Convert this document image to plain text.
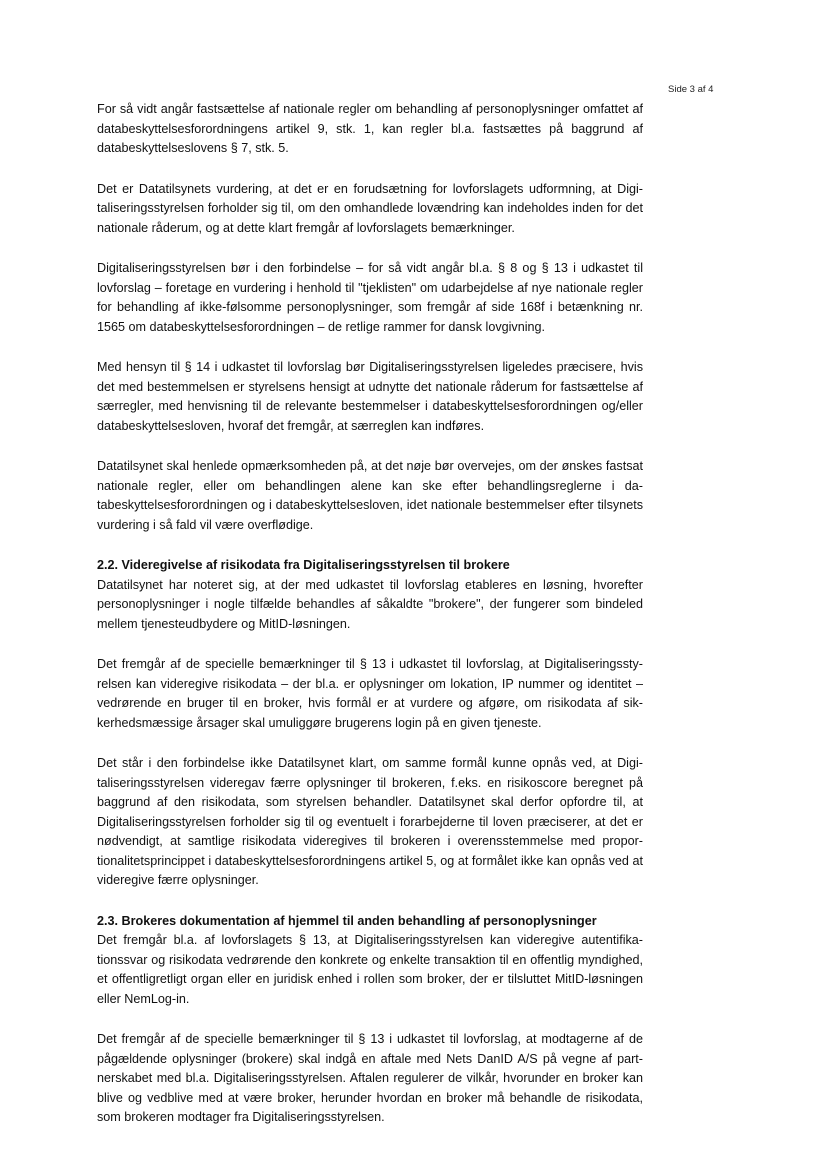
Side 3 af 4

For så vidt angår fastsættelse af nationale regler om behandling af personoplysninger omfattet af databeskyttelsesforordningens artikel 9, stk. 1, kan regler bl.a. fastsættes på baggrund af databeskyttelseslovens § 7, stk. 5.

Det er Datatilsynets vurdering, at det er en forudsætning for lovforslagets udformning, at Digitaliseringsstyrelsen forholder sig til, om den omhandlede lovændring kan indeholdes inden for det nationale råderum, og at dette klart fremgår af lovforslagets bemærkninger.

Digitaliseringsstyrelsen bør i den forbindelse – for så vidt angår bl.a. § 8 og § 13 i udkastet til lovforslag – foretage en vurdering i henhold til "tjeklisten" om udarbejdelse af nye nationale regler for behandling af ikke-følsomme personoplysninger, som fremgår af side 168f i betænkning nr. 1565 om databeskyttelsesforordningen – de retlige rammer for dansk lovgivning.

Med hensyn til § 14 i udkastet til lovforslag bør Digitaliseringsstyrelsen ligeledes præcisere, hvis det med bestemmelsen er styrelsens hensigt at udnytte det nationale råderum for fastsættelse af særregler, med henvisning til de relevante bestemmelser i databeskyttelsesforordningen og/eller databeskyttelsesloven, hvoraf det fremgår, at særreglen kan indføres.

Datatilsynet skal henlede opmærksomheden på, at det nøje bør overvejes, om der ønskes fastsat nationale regler, eller om behandlingen alene kan ske efter behandlingsreglerne i databeskyttelsesforordningen og i databeskyttelsesloven, idet nationale bestemmelser efter tilsynets vurdering i så fald vil være overflødige.

2.2. Videregivelse af risikodata fra Digitaliseringsstyrelsen til brokere

Datatilsynet har noteret sig, at der med udkastet til lovforslag etableres en løsning, hvorefter personoplysninger i nogle tilfælde behandles af såkaldte "brokere", der fungerer som bindeled mellem tjenesteudbydere og MitID-løsningen.

Det fremgår af de specielle bemærkninger til § 13 i udkastet til lovforslag, at Digitaliseringsstyrelsen kan videregive risikodata – der bl.a. er oplysninger om lokation, IP nummer og identitet – vedrørende en bruger til en broker, hvis formål er at vurdere og afgøre, om risikodata af sikkerhedsmæssige årsager skal umuliggøre brugerens login på en given tjeneste.

Det står i den forbindelse ikke Datatilsynet klart, om samme formål kunne opnås ved, at Digitaliseringsstyrelsen videregav færre oplysninger til brokeren, f.eks. en risikoscore beregnet på baggrund af den risikodata, som styrelsen behandler. Datatilsynet skal derfor opfordre til, at Digitaliseringsstyrelsen forholder sig til og eventuelt i forarbejderne til loven præciserer, at det er nødvendigt, at samtlige risikodata videregives til brokeren i overensstemmelse med proportionalitetsprincippet i databeskyttelsesforordningens artikel 5, og at formålet ikke kan opnås ved at videregive færre oplysninger.

2.3. Brokeres dokumentation af hjemmel til anden behandling af personoplysninger

Det fremgår bl.a. af lovforslagets § 13, at Digitaliseringsstyrelsen kan videregive autentifikationssvar og risikodata vedrørende den konkrete og enkelte transaktion til en offentlig myndighed, et offentligretligt organ eller en juridisk enhed i rollen som broker, der er tilsluttet MitID-løsningen eller NemLog-in.

Det fremgår af de specielle bemærkninger til § 13 i udkastet til lovforslag, at modtagerne af de pågældende oplysninger (brokere) skal indgå en aftale med Nets DanID A/S på vegne af partnerskabet med bl.a. Digitaliseringsstyrelsen. Aftalen regulerer de vilkår, hvorunder en broker kan blive og vedblive med at være broker, herunder hvordan en broker må behandle de risikodata, som brokeren modtager fra Digitaliseringsstyrelsen.
